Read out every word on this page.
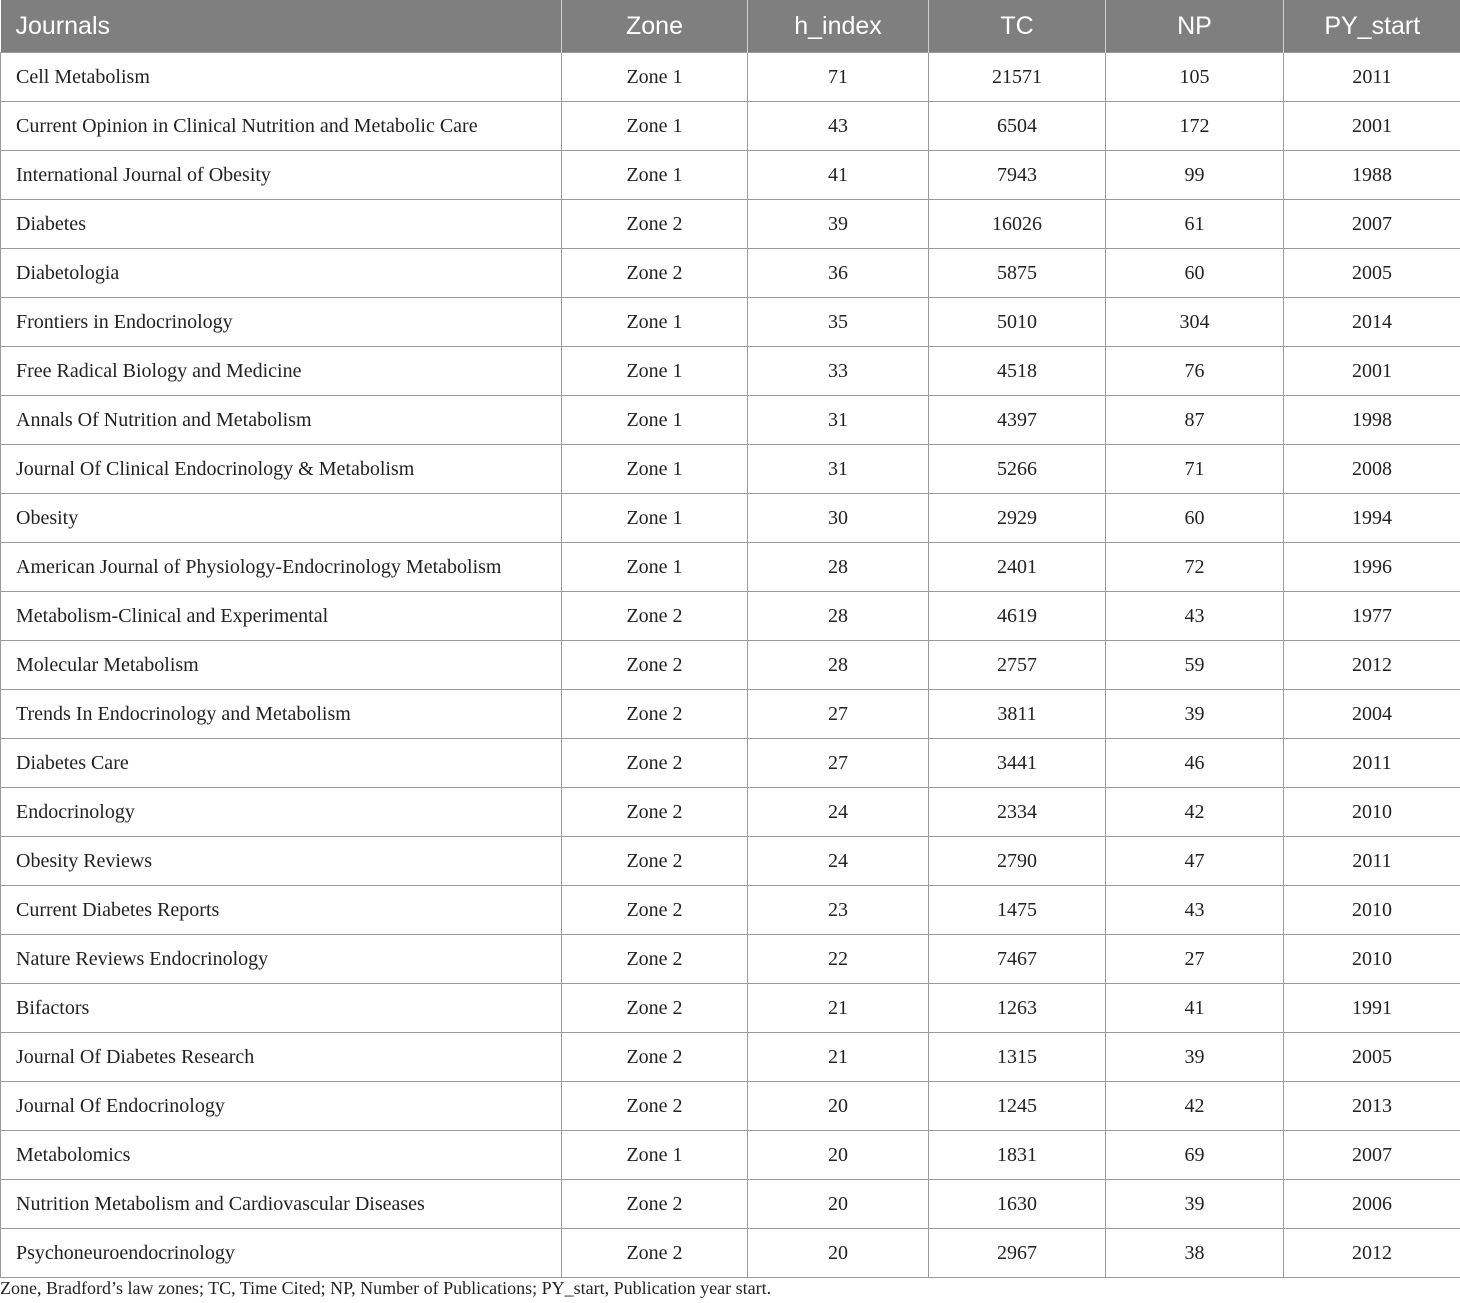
Journals	Zone	h_index	TC	NP	PY_start
Cell Metabolism	Zone 1	71	21571	105	2011
Current Opinion in Clinical Nutrition and Metabolic Care	Zone 1	43	6504	172	2001
International Journal of Obesity	Zone 1	41	7943	99	1988
Diabetes	Zone 2	39	16026	61	2007
Diabetologia	Zone 2	36	5875	60	2005
Frontiers in Endocrinology	Zone 1	35	5010	304	2014
Free Radical Biology and Medicine	Zone 1	33	4518	76	2001
Annals Of Nutrition and Metabolism	Zone 1	31	4397	87	1998
Journal Of Clinical Endocrinology & Metabolism	Zone 1	31	5266	71	2008
Obesity	Zone 1	30	2929	60	1994
American Journal of Physiology-Endocrinology Metabolism	Zone 1	28	2401	72	1996
Metabolism-Clinical and Experimental	Zone 2	28	4619	43	1977
Molecular Metabolism	Zone 2	28	2757	59	2012
Trends In Endocrinology and Metabolism	Zone 2	27	3811	39	2004
Diabetes Care	Zone 2	27	3441	46	2011
Endocrinology	Zone 2	24	2334	42	2010
Obesity Reviews	Zone 2	24	2790	47	2011
Current Diabetes Reports	Zone 2	23	1475	43	2010
Nature Reviews Endocrinology	Zone 2	22	7467	27	2010
Bifactors	Zone 2	21	1263	41	1991
Journal Of Diabetes Research	Zone 2	21	1315	39	2005
Journal Of Endocrinology	Zone 2	20	1245	42	2013
Metabolomics	Zone 1	20	1831	69	2007
Nutrition Metabolism and Cardiovascular Diseases	Zone 2	20	1630	39	2006
Psychoneuroendocrinology	Zone 2	20	2967	38	2012
Zone, Bradford’s law zones; TC, Time Cited; NP, Number of Publications; PY_start, Publication year start.
